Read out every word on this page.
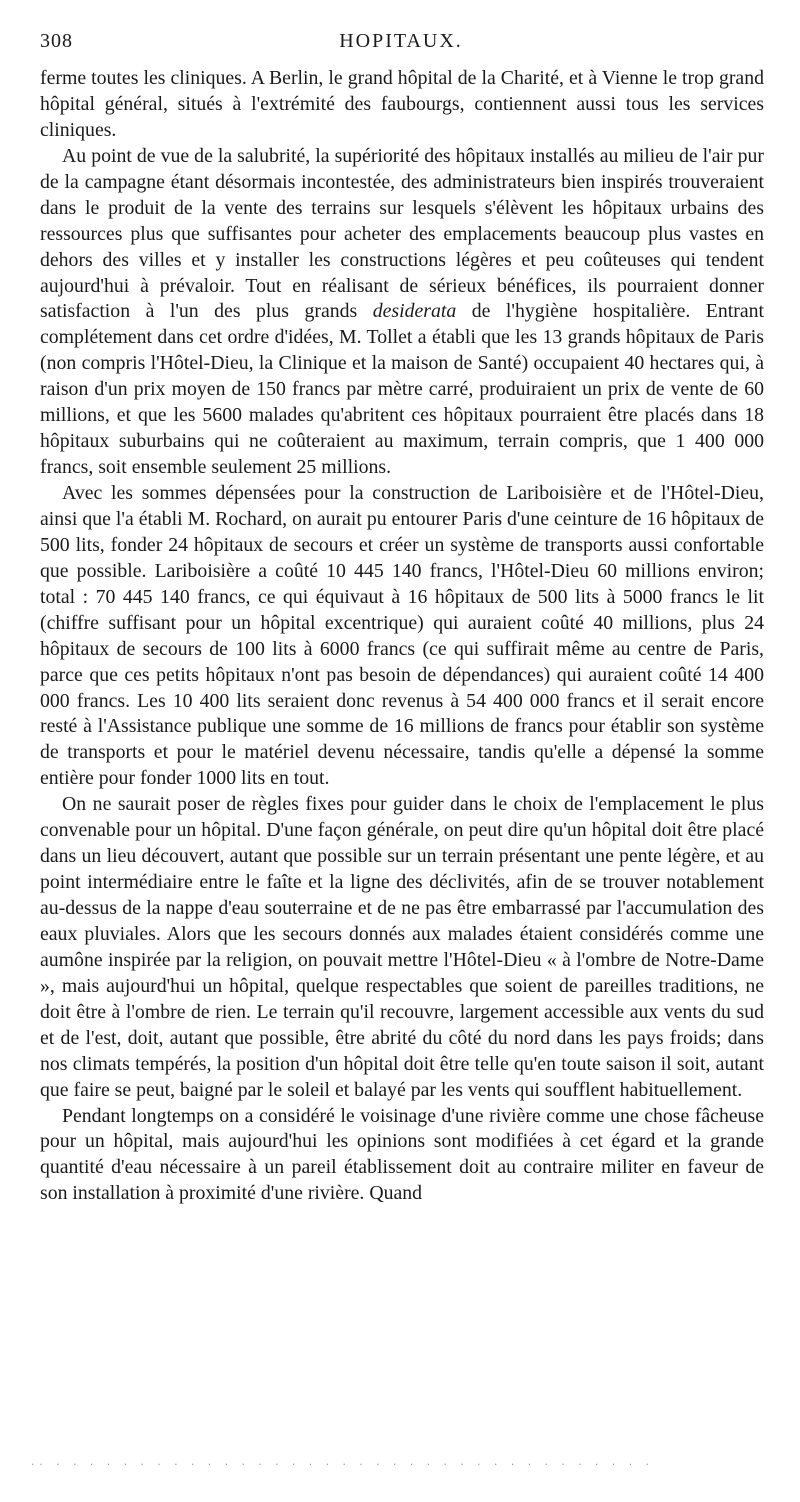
308	HOPITAUX.

ferme toutes les cliniques. A Berlin, le grand hôpital de la Charité, et à Vienne le trop grand hôpital général, situés à l'extrémité des faubourgs, contiennent aussi tous les services cliniques.

Au point de vue de la salubrité, la supériorité des hôpitaux installés au milieu de l'air pur de la campagne étant désormais incontestée, des administrateurs bien inspirés trouveraient dans le produit de la vente des terrains sur lesquels s'élèvent les hôpitaux urbains des ressources plus que suffisantes pour acheter des emplacements beaucoup plus vastes en dehors des villes et y installer les constructions légères et peu coûteuses qui tendent aujourd'hui à prévaloir. Tout en réalisant de sérieux bénéfices, ils pourraient donner satisfaction à l'un des plus grands desiderata de l'hygiène hospitalière. Entrant complétement dans cet ordre d'idées, M. Tollet a établi que les 13 grands hôpitaux de Paris (non compris l'Hôtel-Dieu, la Clinique et la maison de Santé) occupaient 40 hectares qui, à raison d'un prix moyen de 150 francs par mètre carré, produiraient un prix de vente de 60 millions, et que les 5600 malades qu'abritent ces hôpitaux pourraient être placés dans 18 hôpitaux suburbains qui ne coûteraient au maximum, terrain compris, que 1 400 000 francs, soit ensemble seulement 25 millions.

Avec les sommes dépensées pour la construction de Lariboisière et de l'Hôtel-Dieu, ainsi que l'a établi M. Rochard, on aurait pu entourer Paris d'une ceinture de 16 hôpitaux de 500 lits, fonder 24 hôpitaux de secours et créer un système de transports aussi confortable que possible. Lariboisière a coûté 10 445 140 francs, l'Hôtel-Dieu 60 millions environ; total : 70 445 140 francs, ce qui équivaut à 16 hôpitaux de 500 lits à 5000 francs le lit (chiffre suffisant pour un hôpital excentrique) qui auraient coûté 40 millions, plus 24 hôpitaux de secours de 100 lits à 6000 francs (ce qui suffirait même au centre de Paris, parce que ces petits hôpitaux n'ont pas besoin de dépendances) qui auraient coûté 14 400 000 francs. Les 10 400 lits seraient donc revenus à 54 400 000 francs et il serait encore resté à l'Assistance publique une somme de 16 millions de francs pour établir son système de transports et pour le matériel devenu nécessaire, tandis qu'elle a dépensé la somme entière pour fonder 1000 lits en tout.

On ne saurait poser de règles fixes pour guider dans le choix de l'emplacement le plus convenable pour un hôpital. D'une façon générale, on peut dire qu'un hôpital doit être placé dans un lieu découvert, autant que possible sur un terrain présentant une pente légère, et au point intermédiaire entre le faîte et la ligne des déclivités, afin de se trouver notablement au-dessus de la nappe d'eau souterraine et de ne pas être embarrassé par l'accumulation des eaux pluviales. Alors que les secours donnés aux malades étaient considérés comme une aumône inspirée par la religion, on pouvait mettre l'Hôtel-Dieu « à l'ombre de Notre-Dame », mais aujourd'hui un hôpital, quelque respectables que soient de pareilles traditions, ne doit être à l'ombre de rien. Le terrain qu'il recouvre, largement accessible aux vents du sud et de l'est, doit, autant que possible, être abrité du côté du nord dans les pays froids; dans nos climats tempérés, la position d'un hôpital doit être telle qu'en toute saison il soit, autant que faire se peut, baigné par le soleil et balayé par les vents qui soufflent habituellement.

Pendant longtemps on a considéré le voisinage d'une rivière comme une chose fâcheuse pour un hôpital, mais aujourd'hui les opinions sont modifiées à cet égard et la grande quantité d'eau nécessaire à un pareil établissement doit au contraire militer en faveur de son installation à proximité d'une rivière. Quand

.. . . . . . . . . . . . . . . . . . . . . . . . . . . . . . . . . . . . .
